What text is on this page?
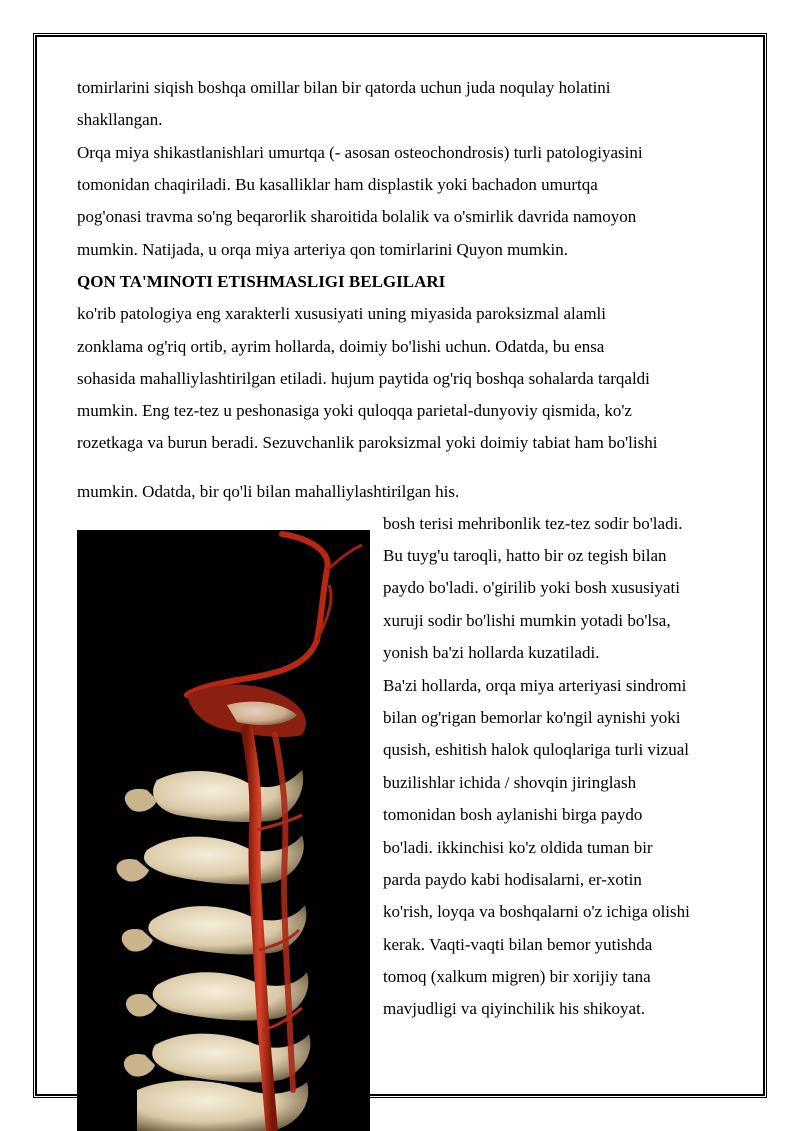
tomirlarini siqish boshqa omillar bilan bir qatorda uchun juda noqulay holatini
shakllangan.
Orqa miya shikastlanishlari umurtqa (- asosan osteochondrosis) turli patologiyasini
tomonidan chaqiriladi. Bu kasalliklar ham displastik yoki bachadon umurtqa
pog'onasi travma so'ng beqarorlik sharoitida bolalik va o'smirlik davrida namoyon
mumkin. Natijada, u orqa miya arteriya qon tomirlarini Quyon mumkin.
QON TA'MINOTI ETISHMASLIGI BELGILARI
ko'rib patologiya eng xarakterli xususiyati uning miyasida paroksizmal alamli
zonklama og'riq ortib, ayrim hollarda, doimiy bo'lishi uchun. Odatda, bu ensa
sohasida mahalliylashtirilgan etiladi. hujum paytida og'riq boshqa sohalarda tarqaldi
mumkin. Eng tez-tez u peshonasiga yoki quloqqa parietal-dunyoviy qismida, ko'z
rozetkaga va burun beradi. Sezuvchanlik paroksizmal yoki doimiy tabiat ham bo'lishi
mumkin. Odatda, bir qo'li bilan mahalliylashtirilgan his.
bosh terisi mehribonlik tez-tez sodir bo'ladi.
Bu tuyg'u taroqli, hatto bir oz tegish bilan
paydo bo'ladi. o'girilib yoki bosh xususiyati
xuruji sodir bo'lishi mumkin yotadi bo'lsa,
yonish ba'zi hollarda kuzatiladi.
Ba'zi hollarda, orqa miya arteriyasi sindromi
bilan og'rigan bemorlar ko'ngil aynishi yoki
qusish, eshitish halok quloqlariga turli vizual
buzilishlar ichida / shovqin jiringlash
tomonidan bosh aylanishi birga paydo
bo'ladi. ikkinchisi ko'z oldida tuman bir
parda paydo kabi hodisalarni, er-xotin
ko'rish, loyqa va boshqalarni o'z ichiga olishi
kerak. Vaqti-vaqti bilan bemor yutishda
tomoq (xalkum migren) bir xorijiy tana
mavjudligi va qiyinchilik his shikoyat.
